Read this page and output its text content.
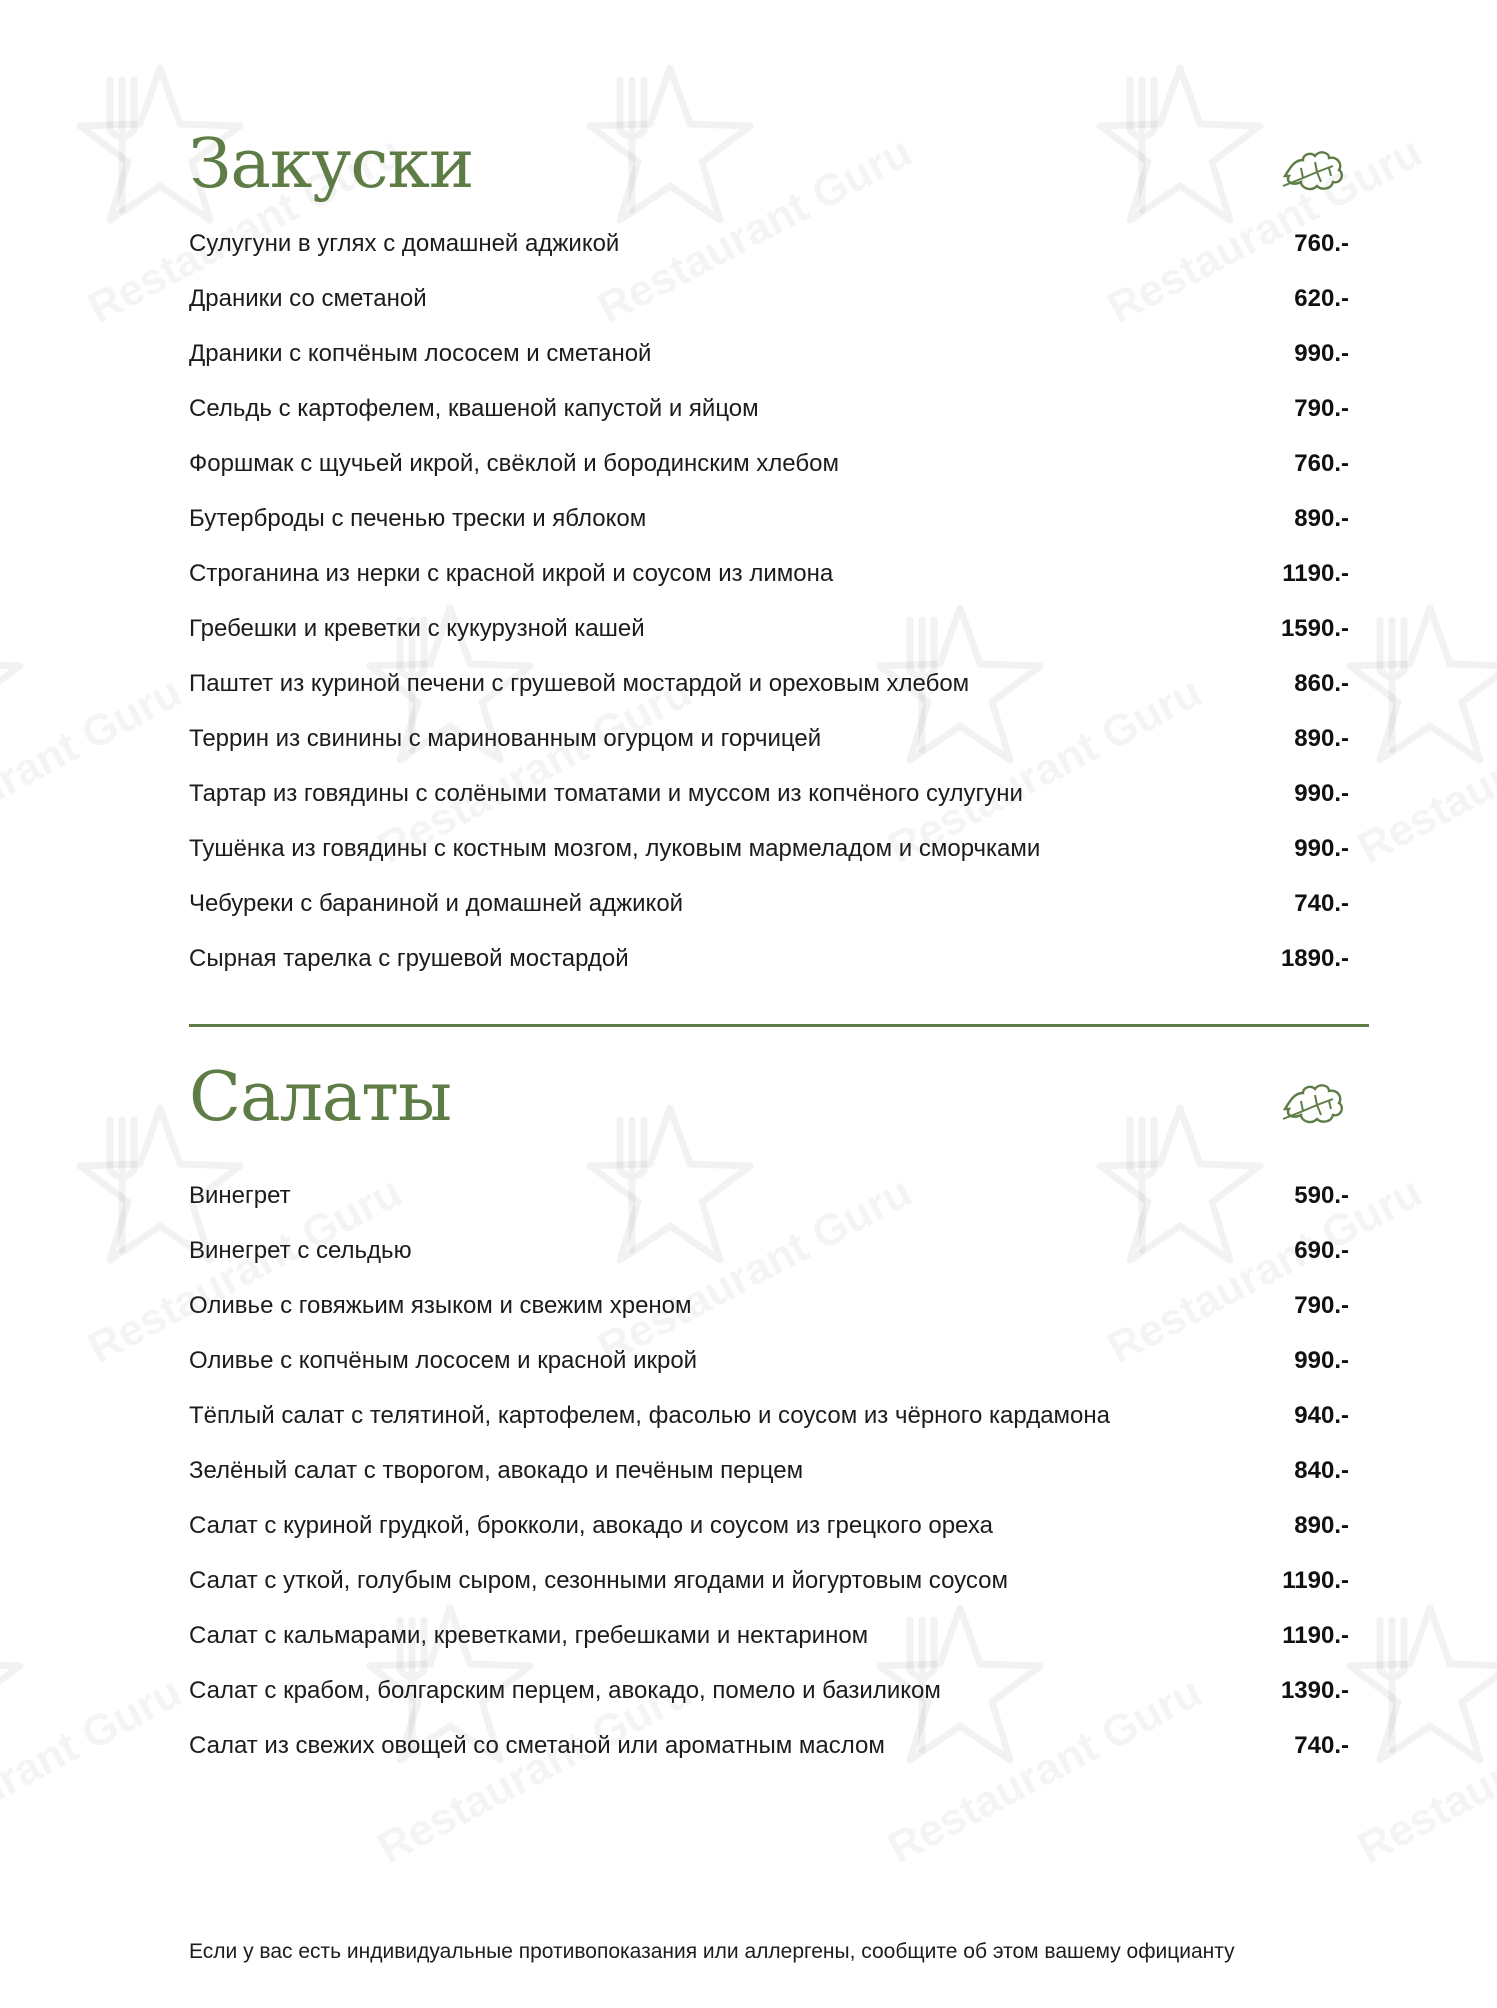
Закуски
Сулугуни в углях с домашней аджикой	760.-
Драники со сметаной	620.-
Драники с копчёным лососем и сметаной	990.-
Сельдь с картофелем, квашеной капустой и яйцом	790.-
Форшмак с щучьей икрой, свёклой и бородинским хлебом	760.-
Бутерброды с печенью трески и яблоком	890.-
Строганина из нерки с красной икрой и соусом из лимона	1190.-
Гребешки и креветки с кукурузной кашей	1590.-
Паштет из куриной печени с грушевой мостардой и ореховым хлебом	860.-
Террин из свинины с маринованным огурцом и горчицей	890.-
Тартар из говядины с солёными томатами и муссом из копчёного сулугуни	990.-
Тушёнка из говядины с костным мозгом, луковым мармеладом и сморчками	990.-
Чебуреки с бараниной и домашней аджикой	740.-
Сырная тарелка с грушевой мостардой	1890.-
Салаты
Винегрет	590.-
Винегрет с сельдью	690.-
Оливье с говяжьим языком и свежим хреном	790.-
Оливье с копчёным лососем и красной икрой	990.-
Тёплый салат с телятиной, картофелем, фасолью и соусом из чёрного кардамона	940.-
Зелёный салат с творогом, авокадо и печёным перцем	840.-
Салат с куриной грудкой, брокколи, авокадо и соусом из грецкого ореха	890.-
Салат с уткой, голубым сыром, сезонными ягодами и йогуртовым соусом	1190.-
Салат с кальмарами, креветками, гребешками и нектарином	1190.-
Салат с крабом, болгарским перцем, авокадо, помело и базиликом	1390.-
Салат из свежих овощей со сметаной или ароматным маслом	740.-
Если у вас есть индивидуальные противопоказания или аллергены, сообщите об этом вашему официанту
